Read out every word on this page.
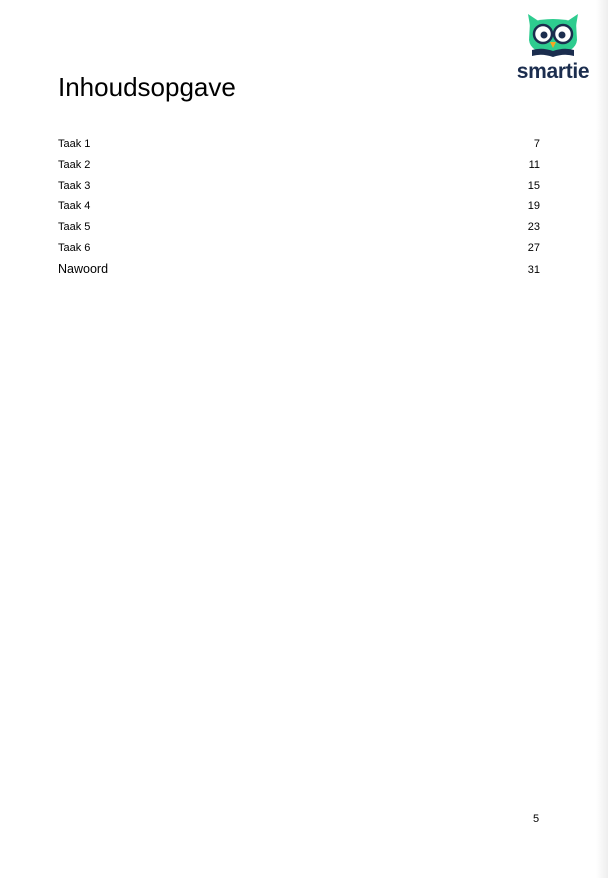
smartie
Inhoudsopgave
Taak 1	7
Taak 2	11
Taak 3	15
Taak 4	19
Taak 5	23
Taak 6	27
Nawoord	31
5
